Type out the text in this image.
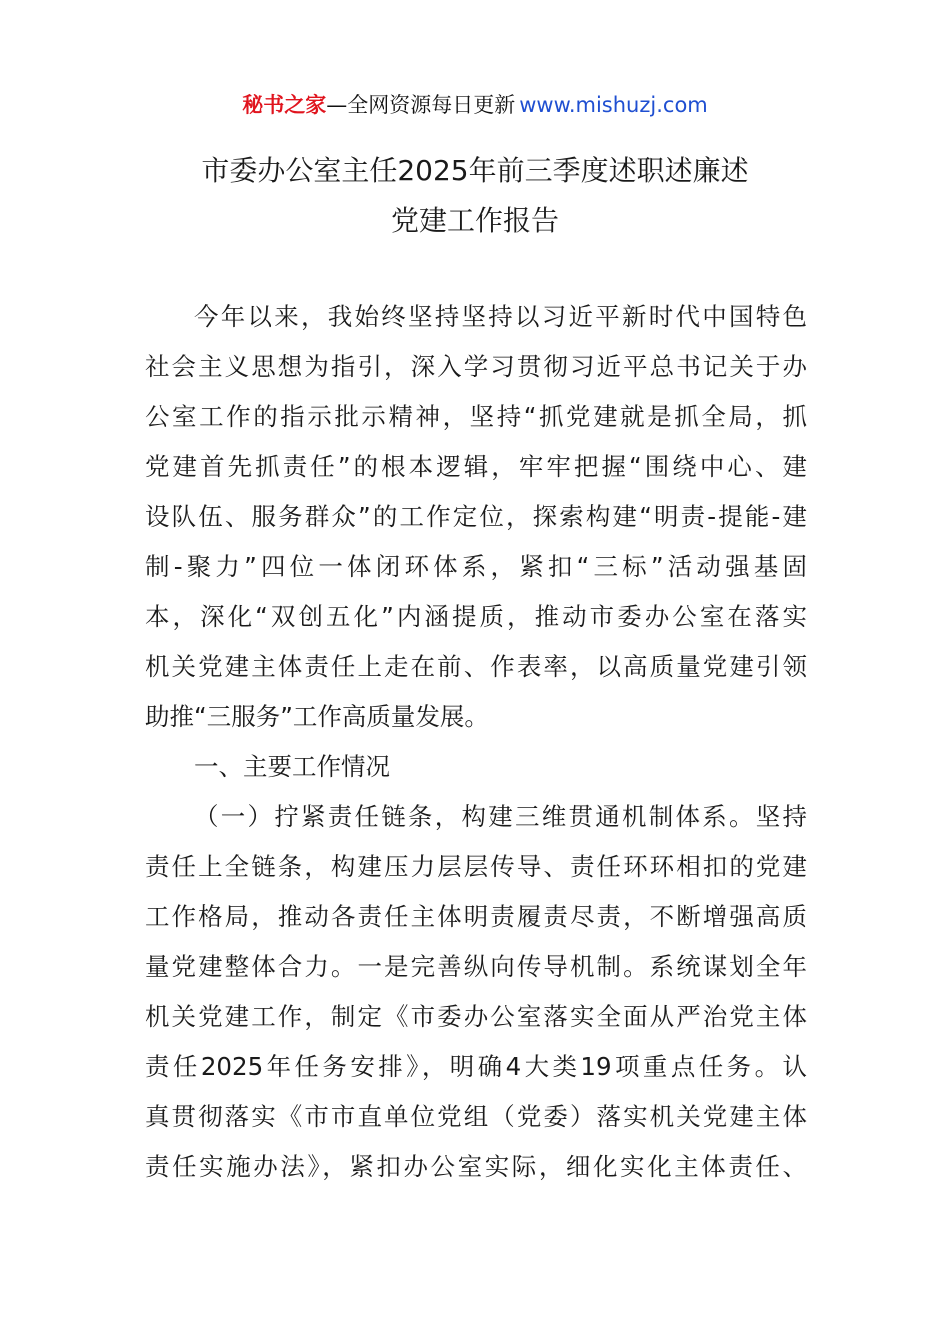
秘书之家—全网资源每日更新 www.mishuzj.com
市委办公室主任2025年前三季度述职述廉述
党建工作报告
今年以来，我始终坚持坚持以习近平新时代中国特色
社会主义思想为指引，深入学习贯彻习近平总书记关于办
公室工作的指示批示精神，坚持“抓党建就是抓全局，抓
党建首先抓责任”的根本逻辑，牢牢把握“围绕中心、建
设队伍、服务群众”的工作定位，探索构建“明责-提能-建
制-聚力”四位一体闭环体系，紧扣“三标”活动强基固
本，深化“双创五化”内涵提质，推动市委办公室在落实
机关党建主体责任上走在前、作表率，以高质量党建引领
助推“三服务”工作高质量发展。
一、主要工作情况
（一）拧紧责任链条，构建三维贯通机制体系。坚持
责任上全链条，构建压力层层传导、责任环环相扣的党建
工作格局，推动各责任主体明责履责尽责，不断增强高质
量党建整体合力。一是完善纵向传导机制。系统谋划全年
机关党建工作，制定《市委办公室落实全面从严治党主体
责任2025年任务安排》，明确4大类19项重点任务。认
真贯彻落实《市市直单位党组（党委）落实机关党建主体
责任实施办法》，紧扣办公室实际，细化实化主体责任、
